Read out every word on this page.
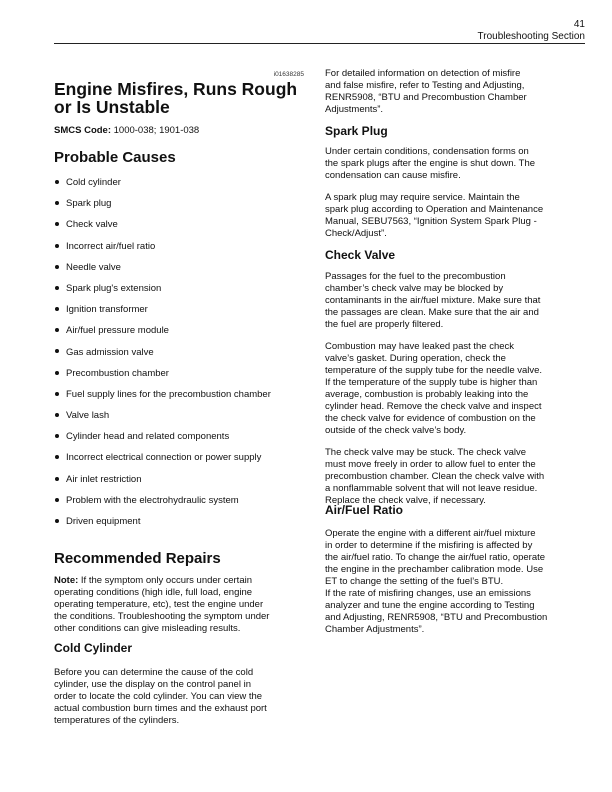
41
Troubleshooting Section
i01638285
Engine Misfires, Runs Rough
or Is Unstable
SMCS Code: 1000-038; 1901-038
Probable Causes
Cold cylinder
Spark plug
Check valve
Incorrect air/fuel ratio
Needle valve
Spark plug's extension
Ignition transformer
Air/fuel pressure module
Gas admission valve
Precombustion chamber
Fuel supply lines for the precombustion chamber
Valve lash
Cylinder head and related components
Incorrect electrical connection or power supply
Air inlet restriction
Problem with the electrohydraulic system
Driven equipment
Recommended Repairs
Note: If the symptom only occurs under certain
operating conditions (high idle, full load, engine
operating temperature, etc), test the engine under
the conditions. Troubleshooting the symptom under
other conditions can give misleading results.
Cold Cylinder
Before you can determine the cause of the cold
cylinder, use the display on the control panel in
order to locate the cold cylinder. You can view the
actual combustion burn times and the exhaust port
temperatures of the cylinders.
For detailed information on detection of misfire
and false misfire, refer to Testing and Adjusting,
RENR5908, “BTU and Precombustion Chamber
Adjustments”.
Spark Plug
Under certain conditions, condensation forms on
the spark plugs after the engine is shut down. The
condensation can cause misfire.
A spark plug may require service. Maintain the
spark plug according to Operation and Maintenance
Manual, SEBU7563, “Ignition System Spark Plug -
Check/Adjust”.
Check Valve
Passages for the fuel to the precombustion
chamber’s check valve may be blocked by
contaminants in the air/fuel mixture. Make sure that
the passages are clean. Make sure that the air and
the fuel are properly filtered.
Combustion may have leaked past the check
valve’s gasket. During operation, check the
temperature of the supply tube for the needle valve.
If the temperature of the supply tube is higher than
average, combustion is probably leaking into the
cylinder head. Remove the check valve and inspect
the check valve for evidence of combustion on the
outside of the check valve’s body.
The check valve may be stuck. The check valve
must move freely in order to allow fuel to enter the
precombustion chamber. Clean the check valve with
a nonflammable solvent that will not leave residue.
Replace the check valve, if necessary.
Air/Fuel Ratio
Operate the engine with a different air/fuel mixture
in order to determine if the misfiring is affected by
the air/fuel ratio. To change the air/fuel ratio, operate
the engine in the prechamber calibration mode. Use
ET to change the setting of the fuel’s BTU.
If the rate of misfiring changes, use an emissions
analyzer and tune the engine according to Testing
and Adjusting, RENR5908, “BTU and Precombustion
Chamber Adjustments”.
